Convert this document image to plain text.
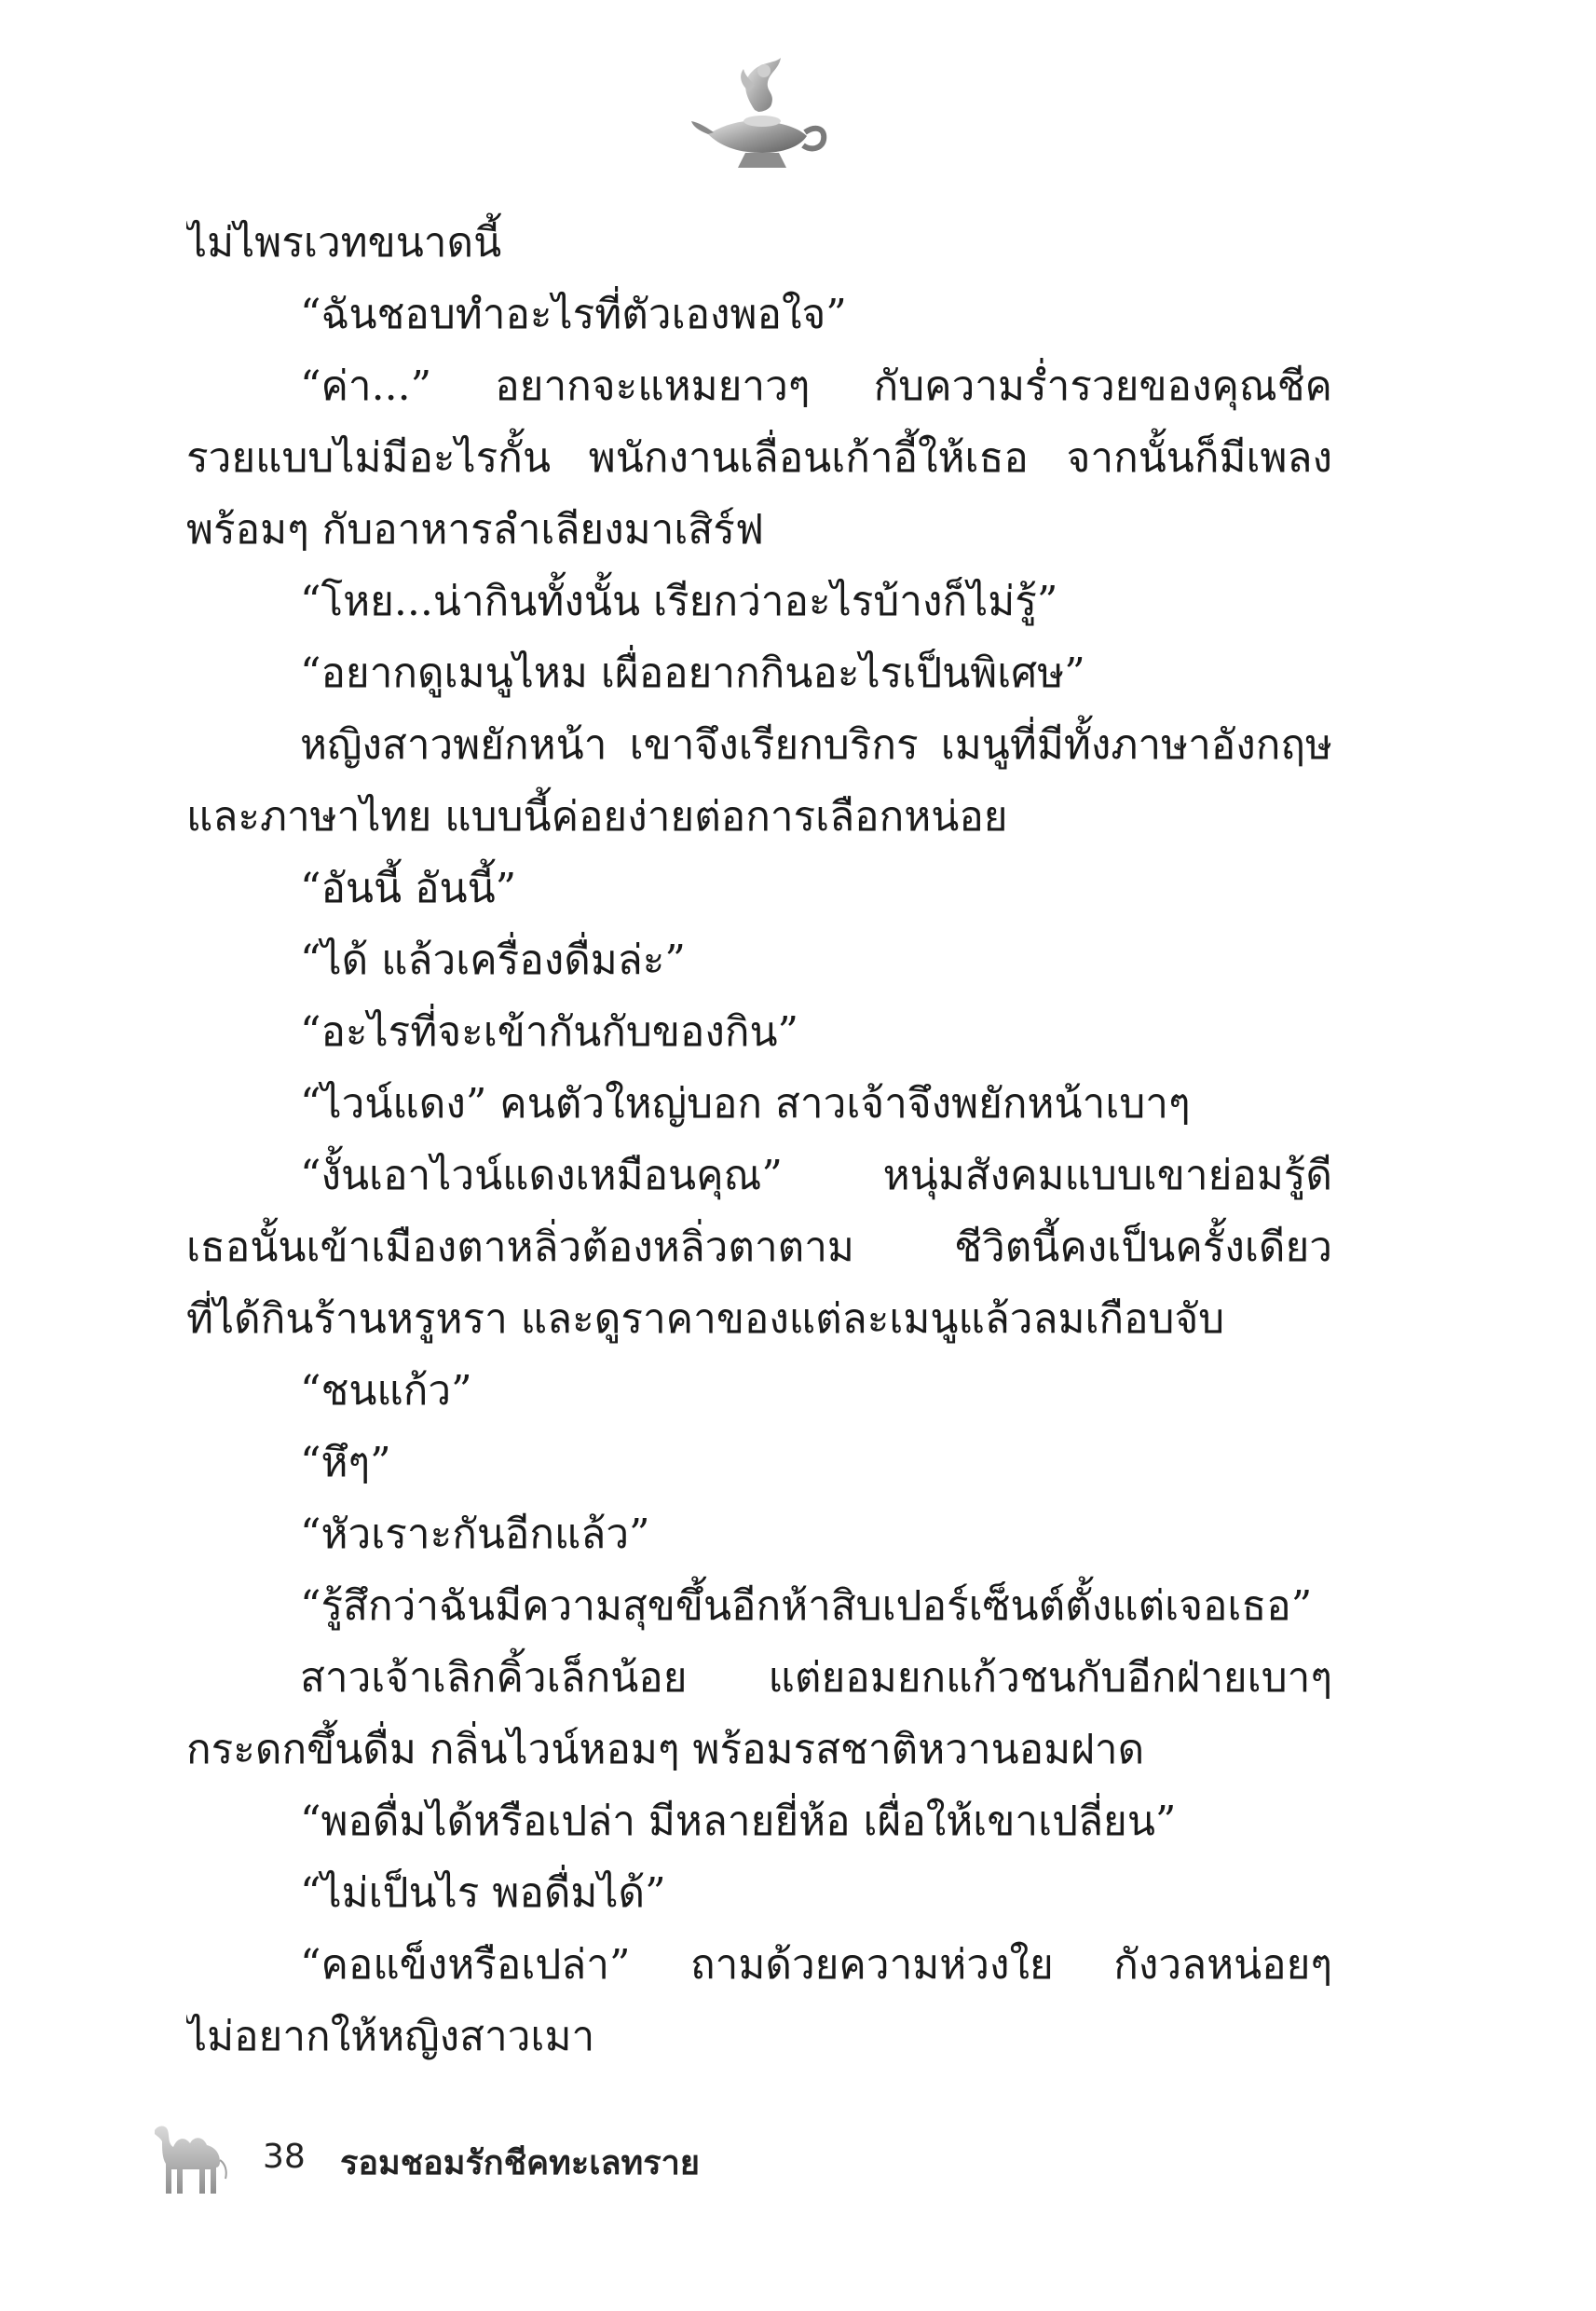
ไม่ไพรเวทขนาดนี้
“ฉันชอบทำอะไรที่ตัวเองพอใจ”
“ค่า...” อยากจะแหมยาวๆ กับความร่ำรวยของคุณชีค
รวยแบบไม่มีอะไรกั้น พนักงานเลื่อนเก้าอี้ให้เธอ จากนั้นก็มีเพลง
พร้อมๆ กับอาหารลำเลียงมาเสิร์ฟ
“โหย...น่ากินทั้งนั้น เรียกว่าอะไรบ้างก็ไม่รู้”
“อยากดูเมนูไหม เผื่ออยากกินอะไรเป็นพิเศษ”
หญิงสาวพยักหน้า เขาจึงเรียกบริกร เมนูที่มีทั้งภาษาอังกฤษ
และภาษาไทย แบบนี้ค่อยง่ายต่อการเลือกหน่อย
“อันนี้ อันนี้”
“ได้ แล้วเครื่องดื่มล่ะ”
“อะไรที่จะเข้ากันกับของกิน”
“ไวน์แดง” คนตัวใหญ่บอก สาวเจ้าจึงพยักหน้าเบาๆ
“งั้นเอาไวน์แดงเหมือนคุณ” หนุ่มสังคมแบบเขาย่อมรู้ดี
เธอนั้นเข้าเมืองตาหลิ่วต้องหลิ่วตาตาม ชีวิตนี้คงเป็นครั้งเดียว
ที่ได้กินร้านหรูหรา และดูราคาของแต่ละเมนูแล้วลมเกือบจับ
“ชนแก้ว”
“หึๆ”
“หัวเราะกันอีกแล้ว”
“รู้สึกว่าฉันมีความสุขขึ้นอีกห้าสิบเปอร์เซ็นต์ตั้งแต่เจอเธอ”
สาวเจ้าเลิกคิ้วเล็กน้อย แต่ยอมยกแก้วชนกับอีกฝ่ายเบาๆ
กระดกขึ้นดื่ม กลิ่นไวน์หอมๆ พร้อมรสชาติหวานอมฝาด
“พอดื่มได้หรือเปล่า มีหลายยี่ห้อ เผื่อให้เขาเปลี่ยน”
“ไม่เป็นไร พอดื่มได้”
“คอแข็งหรือเปล่า” ถามด้วยความห่วงใย กังวลหน่อยๆ
ไม่อยากให้หญิงสาวเมา
38 รอมชอมรักชีคทะเลทราย
